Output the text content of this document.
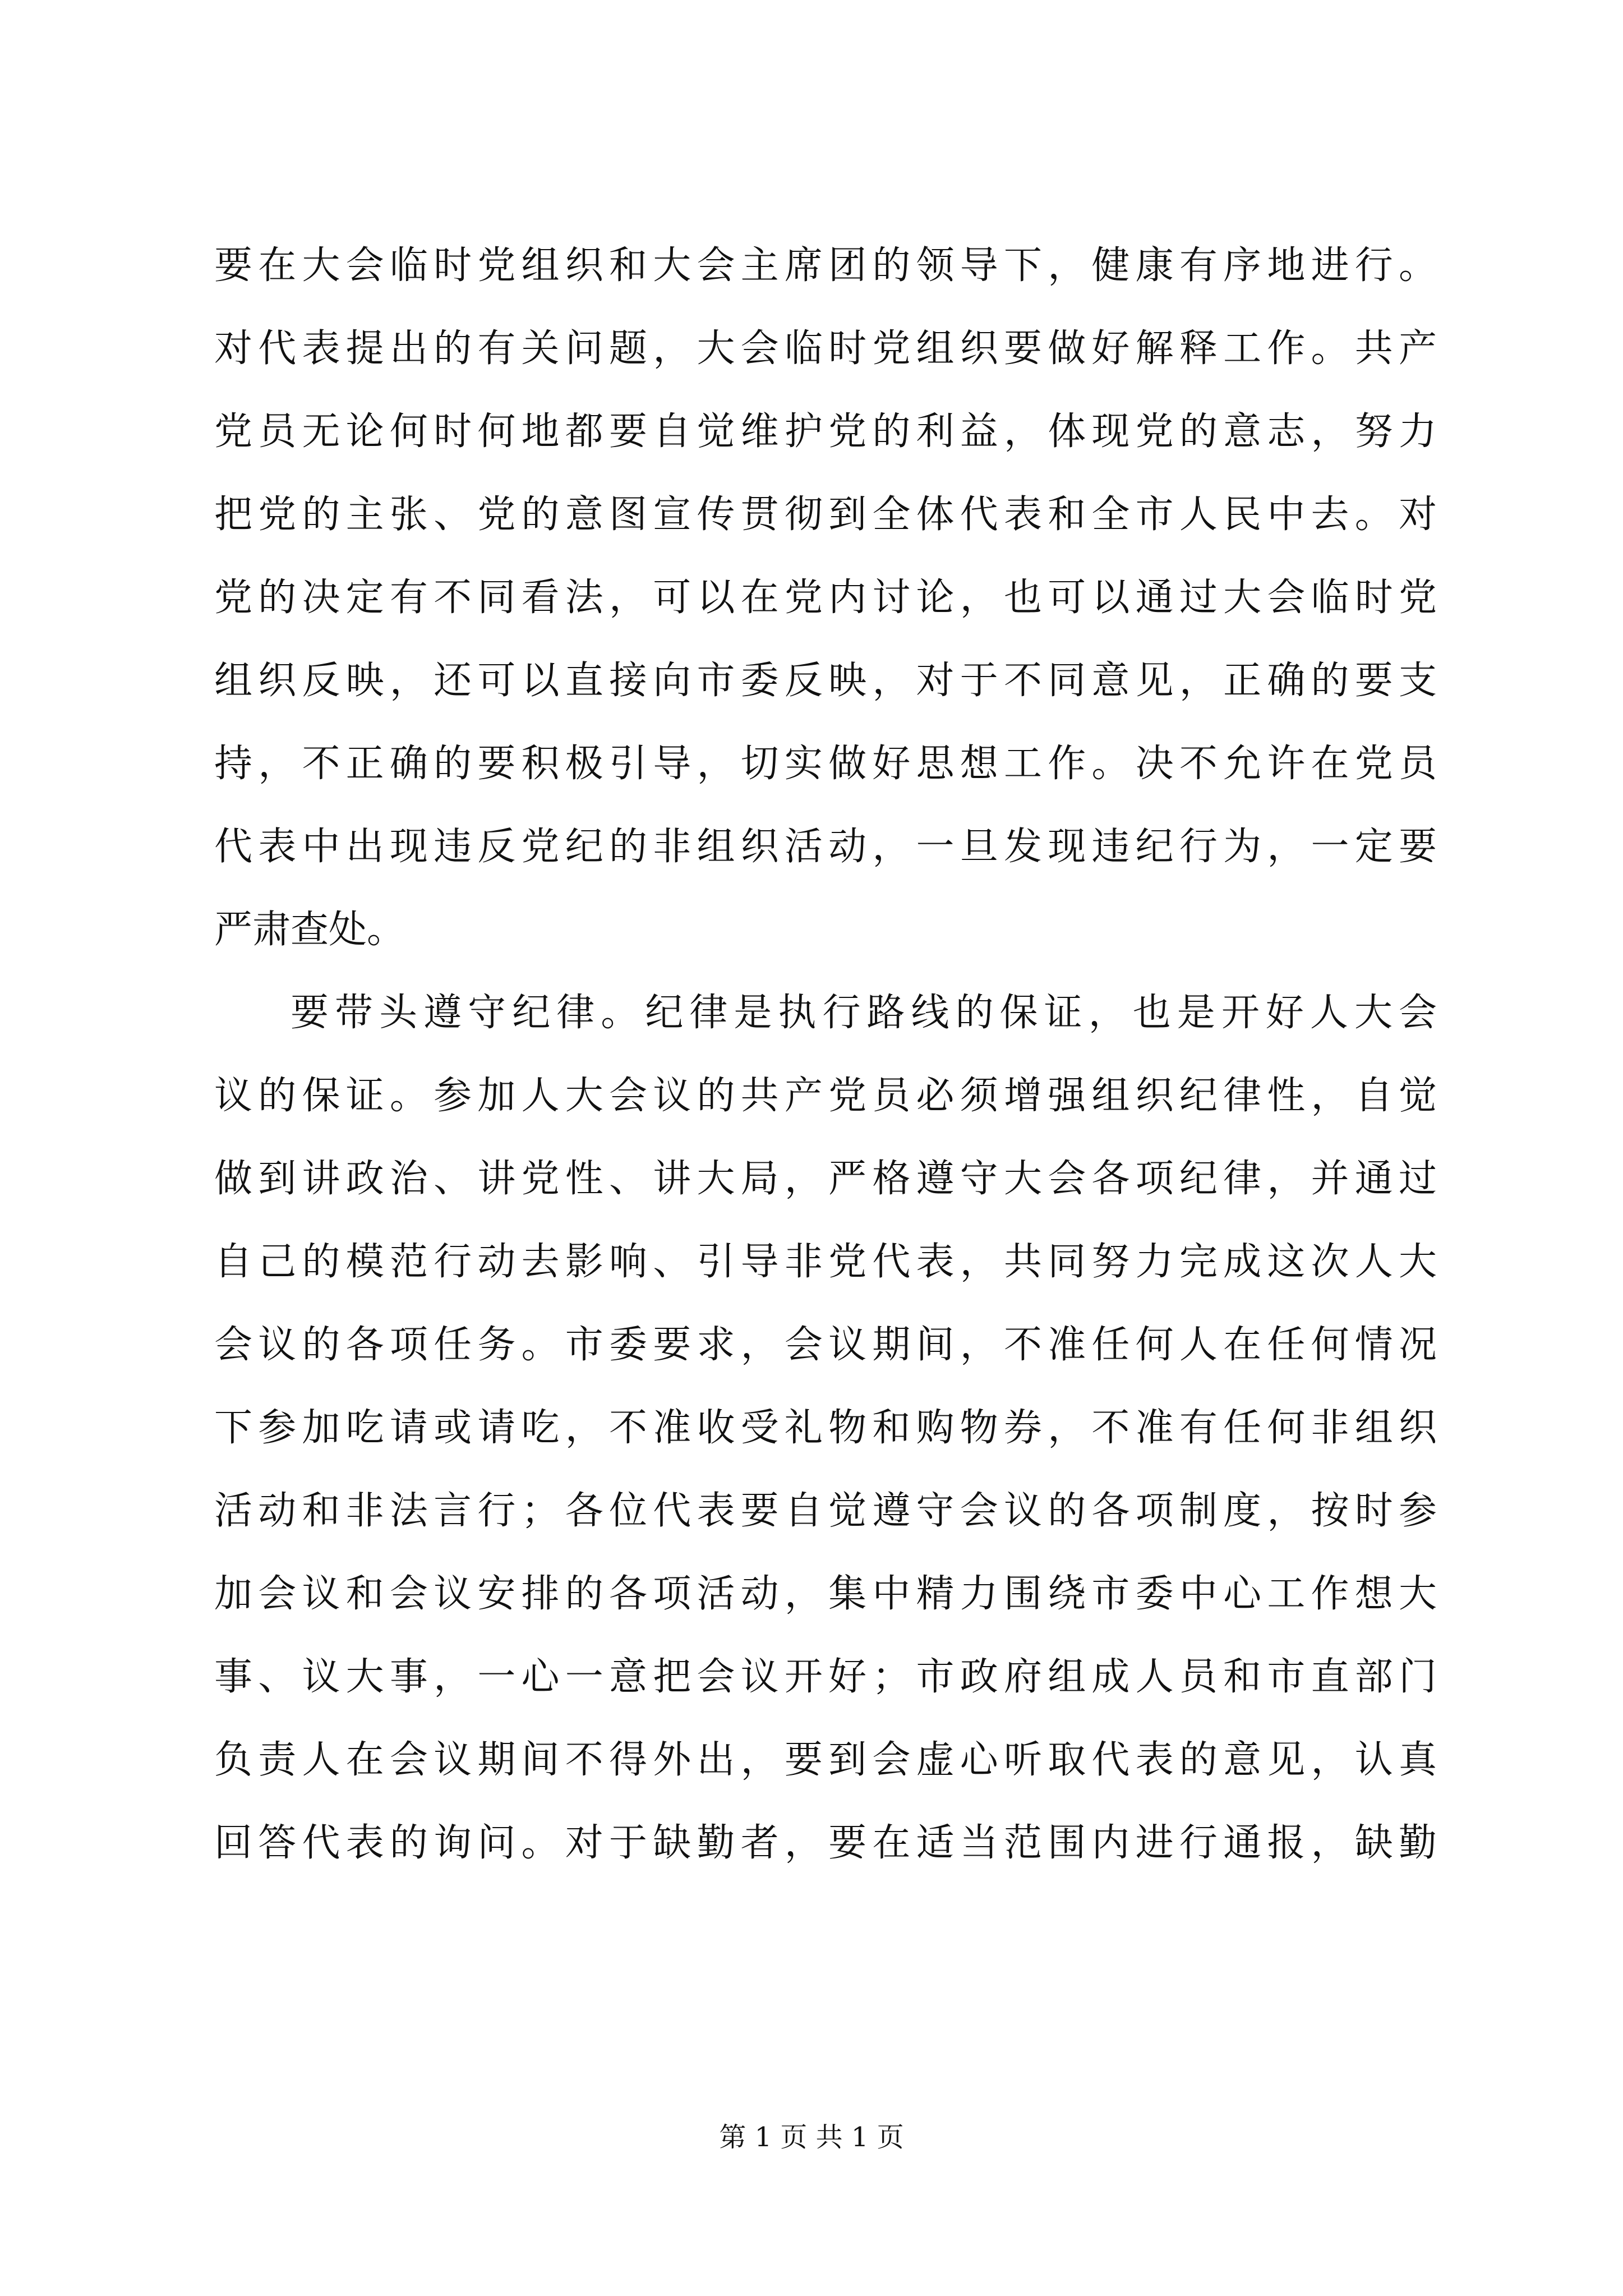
要在大会临时党组织和大会主席团的领导下，健康有序地进行。
对代表提出的有关问题，大会临时党组织要做好解释工作。共产
党员无论何时何地都要自觉维护党的利益，体现党的意志，努力
把党的主张、党的意图宣传贯彻到全体代表和全市人民中去。对
党的决定有不同看法，可以在党内讨论，也可以通过大会临时党
组织反映，还可以直接向市委反映，对于不同意见，正确的要支
持，不正确的要积极引导，切实做好思想工作。决不允许在党员
代表中出现违反党纪的非组织活动，一旦发现违纪行为，一定要
严肃查处。
要带头遵守纪律。纪律是执行路线的保证，也是开好人大会
议的保证。参加人大会议的共产党员必须增强组织纪律性，自觉
做到讲政治、讲党性、讲大局，严格遵守大会各项纪律，并通过
自己的模范行动去影响、引导非党代表，共同努力完成这次人大
会议的各项任务。市委要求，会议期间，不准任何人在任何情况
下参加吃请或请吃，不准收受礼物和购物券，不准有任何非组织
活动和非法言行；各位代表要自觉遵守会议的各项制度，按时参
加会议和会议安排的各项活动，集中精力围绕市委中心工作想大
事、议大事，一心一意把会议开好；市政府组成人员和市直部门
负责人在会议期间不得外出，要到会虚心听取代表的意见，认真
回答代表的询问。对于缺勤者，要在适当范围内进行通报，缺勤
第 1 页 共 1 页
